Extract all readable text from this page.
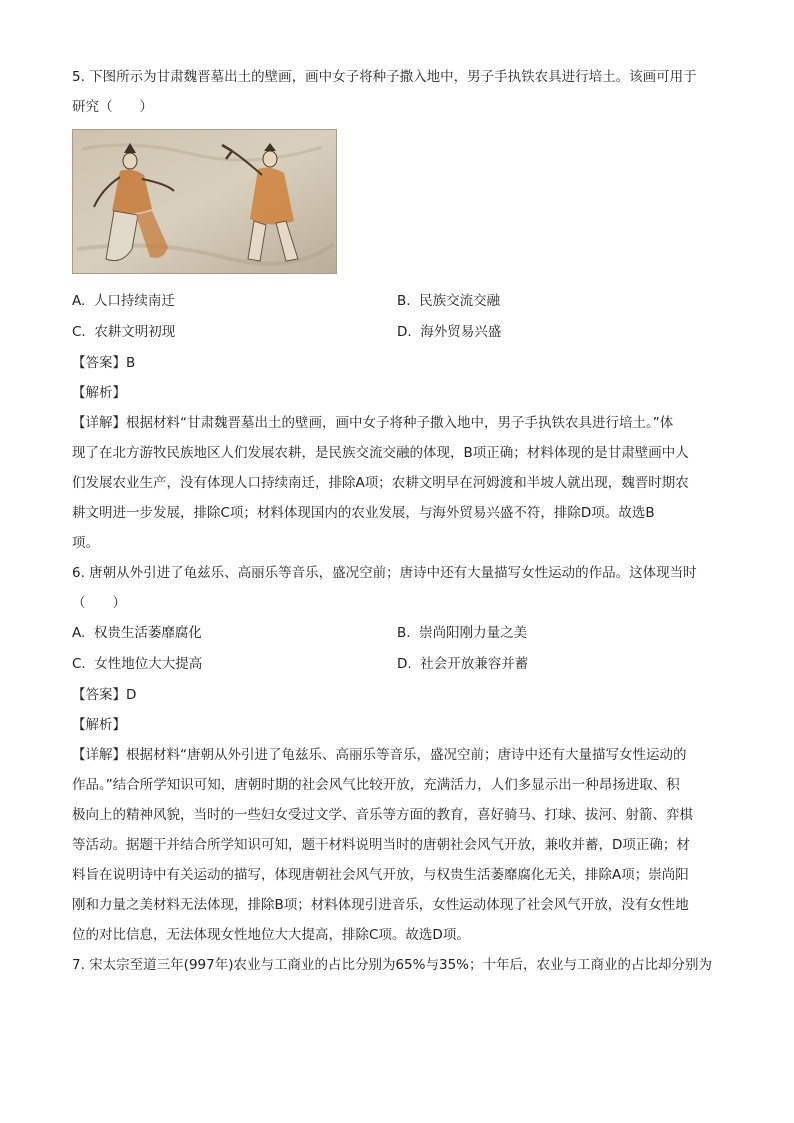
5. 下图所示为甘肃魏晋墓出土的壁画，画中女子将种子撒入地中，男子手执铁农具进行培土。该画可用于

研究（　　）

A. 人口持续南迁	B. 民族交流交融
C. 农耕文明初现	D. 海外贸易兴盛

【答案】B

【解析】

【详解】根据材料“甘肃魏晋墓出土的壁画，画中女子将种子撒入地中，男子手执铁农具进行培土。”体

现了在北方游牧民族地区人们发展农耕，是民族交流交融的体现，B项正确；材料体现的是甘肃壁画中人

们发展农业生产，没有体现人口持续南迁，排除A项；农耕文明早在河姆渡和半坡人就出现，魏晋时期农

耕文明进一步发展，排除C项；材料体现国内的农业发展，与海外贸易兴盛不符，排除D项。故选B

项。

6. 唐朝从外引进了龟兹乐、高丽乐等音乐，盛况空前；唐诗中还有大量描写女性运动的作品。这体现当时

（　　）

A. 权贵生活萎靡腐化	B. 崇尚阳刚力量之美
C. 女性地位大大提高	D. 社会开放兼容并蓄

【答案】D

【解析】

【详解】根据材料“唐朝从外引进了龟兹乐、高丽乐等音乐，盛况空前；唐诗中还有大量描写女性运动的

作品。”结合所学知识可知，唐朝时期的社会风气比较开放，充满活力，人们多显示出一种昂扬进取、积

极向上的精神风貌，当时的一些妇女受过文学、音乐等方面的教育，喜好骑马、打球、拔河、射箭、弈棋

等活动。据题干并结合所学知识可知，题干材料说明当时的唐朝社会风气开放，兼收并蓄，D项正确；材

料旨在说明诗中有关运动的描写，体现唐朝社会风气开放，与权贵生活萎靡腐化无关，排除A项；崇尚阳

刚和力量之美材料无法体现，排除B项；材料体现引进音乐，女性运动体现了社会风气开放，没有女性地

位的对比信息，无法体现女性地位大大提高，排除C项。故选D项。

7. 宋太宗至道三年(997年)农业与工商业的占比分别为65%与35%；十年后，农业与工商业的占比却分别为
